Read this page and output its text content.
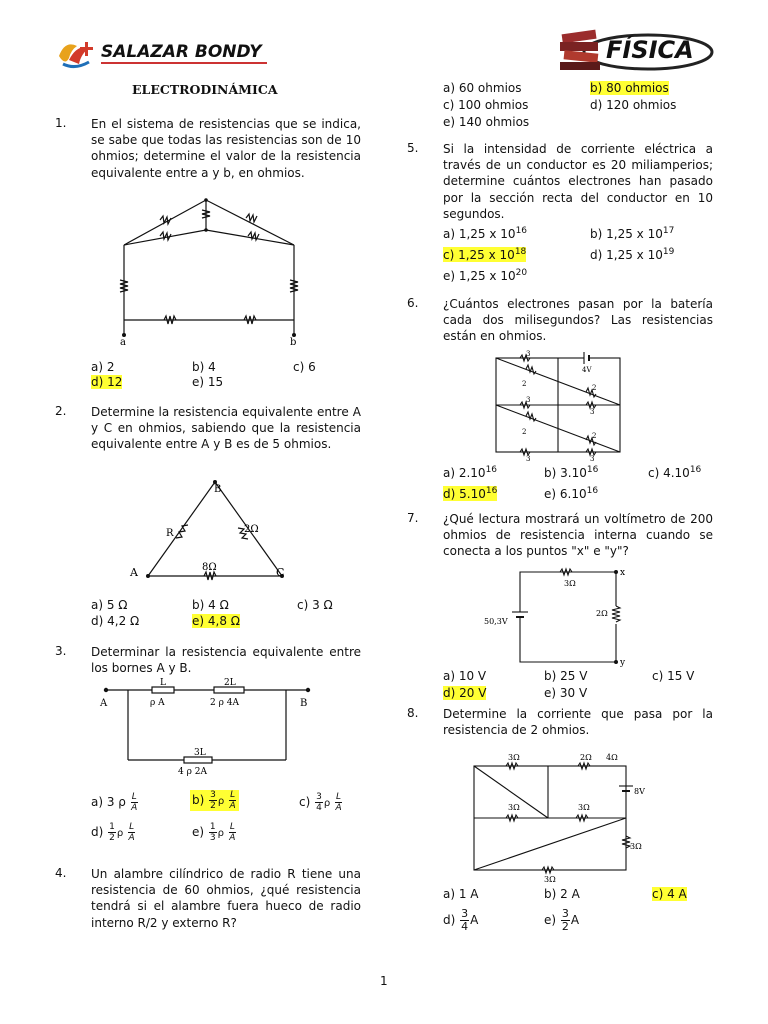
SALAZAR BONDY	FÍSICA
ELECTRODINÁMICA
1. En el sistema de resistencias que se indica, se sabe que todas las resistencias son de 10 ohmios; determine el valor de la resistencia equivalente entre a y b, en ohmios.
a	b
a) 2	b) 4	c) 6
d) 12	e) 15
2. Determine la resistencia equivalente entre A y C en ohmios, sabiendo que la resistencia equivalente entre A y B es de 5 ohmios.
B
A	C
R	2Ω
8Ω
a) 5 Ω	b) 4 Ω	c) 3 Ω
d) 4,2 Ω	e) 4,8 Ω
3. Determinar la resistencia equivalente entre los bornes A y B.
A	B
L
ρ A
2L
2 ρ 4A
3L
4 ρ 2A
a) 3 ρ $\frac{L}{A}$	$b) \frac{3}{2}$ ρ $\frac{L}{A}$	$c) \frac{3}{4}$ ρ $\frac{L}{A}$
$d) \frac{1}{2}$ ρ $\frac{L}{A}$	$e) \frac{1}{3}$ ρ $\frac{L}{A}$
4. Un alambre cilíndrico de radio R tiene una resistencia de 60 ohmios, ¿qué resistencia tendrá si el alambre fuera hueco de radio interno R/2 y externo R?
a) 60 ohmios	b) 80 ohmios
c) 100 ohmios	d) 120 ohmios
e) 140 ohmios
5. Si la intensidad de corriente eléctrica a través de un conductor es 20 miliamperios; determine cuántos electrones han pasado por la sección recta del conductor en 10 segundos.
a) 1,25 x $10^{16}$	b) 1,25 x $10^{17}$
c) 1,25 x $10^{18}$	d) 1,25 x $10^{19}$
e) 1,25 x $10^{20}$
6. ¿Cuántos electrones pasan por la batería cada dos milisegundos? Las resistencias están en ohmios.
3
4V
2	2
3
3
2	2
3	3
a) 2.10$^{16}$	b) 3.10$^{16}$	c) 4.10$^{16}$
d) 5.10$^{16}$	e) 6.10$^{16}$
7. ¿Qué lectura mostrará un voltímetro de 200 ohmios de resistencia interna cuando se conecta a los puntos "x" e "y"?
x
y
3Ω
2Ω
50,3V
a) 10 V	b) 25 V	c) 15 V
d) 20 V	e) 30 V
8. Determine la corriente que pasa por la resistencia de 2 ohmios.
3Ω	2Ω 4Ω
8V
3Ω	3Ω
3Ω
3Ω
a) 1 A	b) 2 A	c) 4 A
$d) \frac{3}{4}$ A	$e) \frac{3}{2}$ A
1
